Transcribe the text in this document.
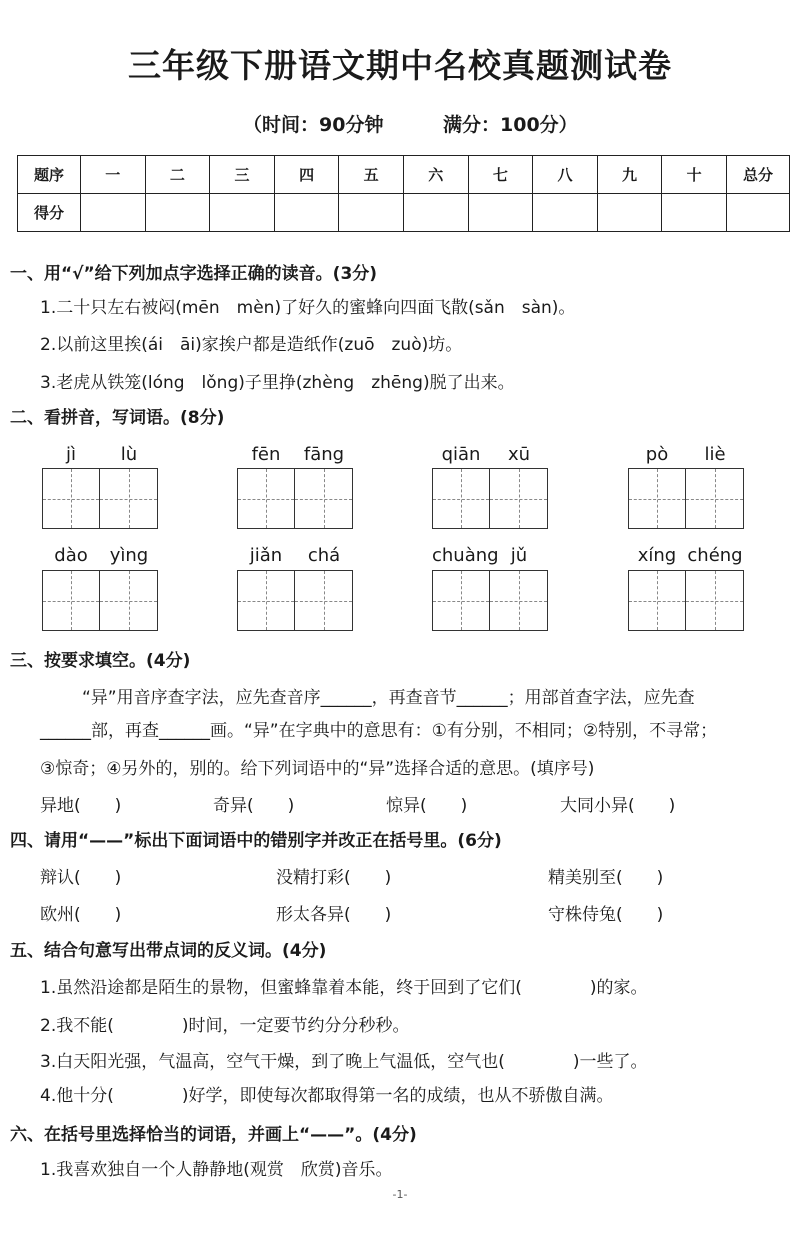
三年级下册语文期中名校真题测试卷
（时间：90分钟	满分：100分）
题序	一	二	三	四	五	六	七	八	九	十	总分
得分											
一、用“√”给下列加点字选择正确的读音。(3分)
1.二十只左右被闷(mēn　mèn)了好久的蜜蜂向四面飞散(sǎn　sàn)。
2.以前这里挨(ái　āi)家挨户都是造纸作(zuō　zuò)坊。
3.老虎从铁笼(lóng　lǒng)子里挣(zhèng　zhēng)脱了出来。
二、看拼音，写词语。(8分)
jì	lù	fēn	fāng	qiān	xū	pò	liè
dào	yìng	jiǎn	chá	chuàng jǔ	xíng chéng
三、按要求填空。(4分)
“异”用音序查字法，应先查音序______，再查音节______；用部首查字法，应先查
______部，再查______画。“异”在字典中的意思有：①有分别，不相同；②特别，不寻常；
③惊奇；④另外的，别的。给下列词语中的“异”选择合适的意思。(填序号)
异地(　　)	奇异(　　)	惊异(　　)	大同小异(　　)
四、请用“——”标出下面词语中的错别字并改正在括号里。(6分)
辩认(　　)	没精打彩(　　)	精美别至(　　)
欧州(　　)	形太各异(　　)	守株侍兔(　　)
五、结合句意写出带点词的反义词。(4分)
1.虽然沿途都是陌生的景物，但蜜蜂靠着本能，终于回到了它们(　　　　)的家。
2.我不能(　　　　)时间，一定要节约分分秒秒。
3.白天阳光强，气温高，空气干燥，到了晚上气温低，空气也(　　　　)一些了。
4.他十分(　　　　)好学，即使每次都取得第一名的成绩，也从不骄傲自满。
六、在括号里选择恰当的词语，并画上“——”。(4分)
1.我喜欢独自一个人静静地(观赏　欣赏)音乐。
-1-
